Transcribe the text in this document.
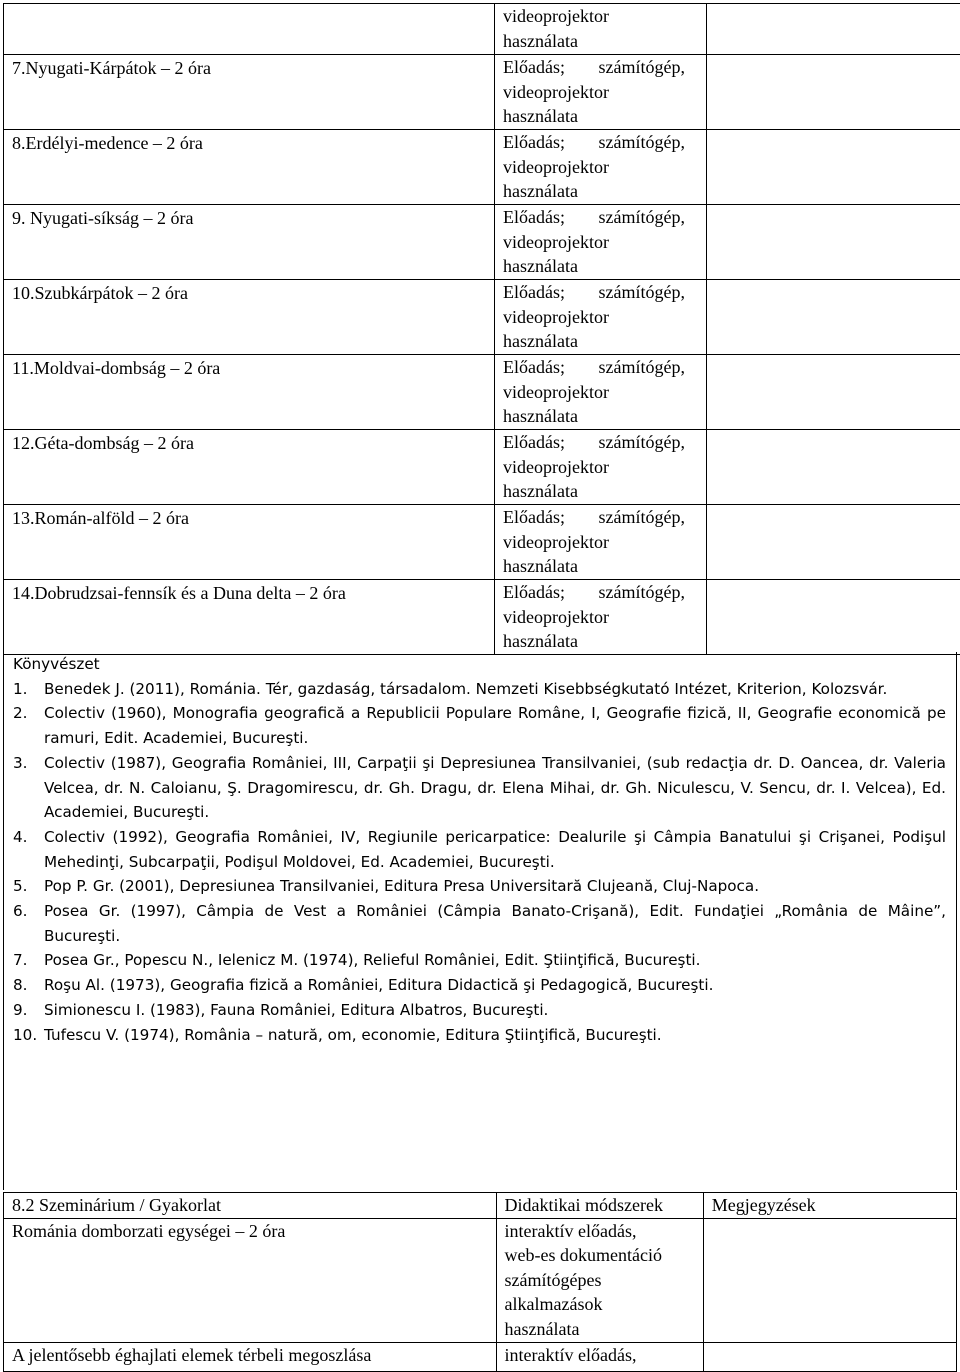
	videoprojektor
használata	

7.Nyugati-Kárpátok – 2 óra	Előadás; számítógép,
videoprojektor
használata	

8.Erdélyi-medence – 2 óra	Előadás; számítógép,
videoprojektor
használata	

9. Nyugati-síkság – 2 óra	Előadás; számítógép,
videoprojektor
használata	

10.Szubkárpátok – 2 óra	Előadás; számítógép,
videoprojektor
használata	

11.Moldvai-dombság – 2 óra	Előadás; számítógép,
videoprojektor
használata	

12.Géta-dombság – 2 óra	Előadás; számítógép,
videoprojektor
használata	

13.Román-alföld – 2 óra	Előadás; számítógép,
videoprojektor
használata	

14.Dobrudzsai-fennsík és a Duna delta – 2 óra	Előadás; számítógép,
videoprojektor
használata	

Könyvészet
1. Benedek J. (2011), Románia. Tér, gazdaság, társadalom. Nemzeti Kisebbségkutató Intézet, Kriterion, Kolozsvár.
2. Colectiv (1960), Monografia geografică a Republicii Populare Române, I, Geografie fizică, II, Geografie economică pe ramuri, Edit. Academiei, Bucureşti.
3. Colectiv (1987), Geografia României, III, Carpaţii şi Depresiunea Transilvaniei, (sub redacţia dr. D. Oancea, dr. Valeria Velcea, dr. N. Caloianu, Ş. Dragomirescu, dr. Gh. Dragu, dr. Elena Mihai, dr. Gh. Niculescu, V. Sencu, dr. I. Velcea), Ed. Academiei, Bucureşti.
4. Colectiv (1992), Geografia României, IV, Regiunile pericarpatice: Dealurile şi Câmpia Banatului şi Crişanei, Podişul Mehedinţi, Subcarpaţii, Podişul Moldovei, Ed. Academiei, Bucureşti.
5. Pop P. Gr. (2001), Depresiunea Transilvaniei, Editura Presa Universitară Clujeană, Cluj-Napoca.
6. Posea Gr. (1997), Câmpia de Vest a României (Câmpia Banato-Crişană), Edit. Fundaţiei „România de Mâine”, Bucureşti.
7. Posea Gr., Popescu N., Ielenicz M. (1974), Relieful României, Edit. Ştiinţifică, Bucureşti.
8. Roşu Al. (1973), Geografia fizică a României, Editura Didactică şi Pedagogică, Bucureşti.
9. Simionescu I. (1983), Fauna României, Editura Albatros, Bucureşti.
10. Tufescu V. (1974), România – natură, om, economie, Editura Ştiinţifică, Bucureşti.
8.2 Szeminárium / Gyakorlat	Didaktikai módszerek	Megjegyzések
Románia domborzati egységei – 2 óra	interaktív előadás,
web-es dokumentáció
számítógépes
alkalmazások
használata	

A jelentősebb éghajlati elemek térbeli megoszlása	interaktív előadás,	
